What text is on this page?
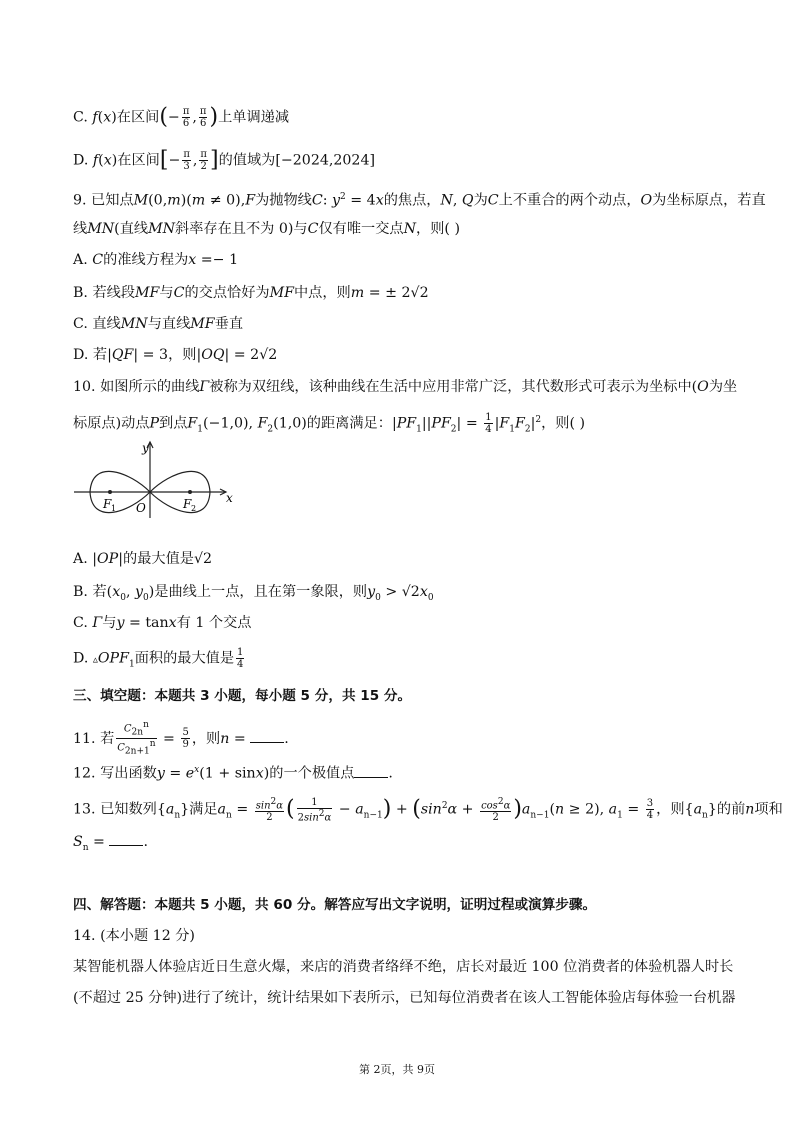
C. f(x)在区间(− $\frac{\pi}{6}$ , $\frac{\pi}{6}$ )上单调递减
D. f(x)在区间[− $\frac{\pi}{3}$ , $\frac{\pi}{2}$ ]的值域为[−2024,2024]
9. 已知点M(0,m)(m ≠ 0),F为抛物线C: $y^2 = 4x$的焦点，N, Q为C上不重合的两个动点，O为坐标原点，若直
线MN(直线MN斜率存在且不为 0)与C仅有唯一交点N，则( )
A. C的准线方程为x =− 1
B. 若线段MF与C的交点恰好为MF中点，则m = ± 2√2
C. 直线MN与直线MF垂直
D. 若|QF| = 3，则|OQ| = 2√2
10. 如图所示的曲线Γ被称为双纽线，该种曲线在生活中应用非常广泛，其代数形式可表示为坐标中(O为坐
标原点)动点P到点$F_1(-1,0)$, $F_2(1,0)$的距离满足：$|PF_1||PF_2| = \frac{1}{4} |F_1F_2|^2$，则( )
y
x
O
F 1	F 2
A. |OP|的最大值是√2
B. 若($x_0$, $y_0$)是曲线上一点，且在第一象限，则$y_0 > √2x_0$
C. Γ与y = tanx有 1 个交点
D. $▵OPF_1$面积的最大值是 $\frac{1}{4}$
三、填空题：本题共 3 小题，每小题 5 分，共 15 分。
11. 若 $\frac{C_{2n}^n}{C_{2n+1}^n} = \frac{5}{9}$ ，则n = .
12. 写出函数$y = e^x(1 + \sin x)$的一个极值点 .
13. 已知数列$\{a_n\}$满足$a_n = \frac{\sin^2\alpha}{2}$ ( $\frac{1}{2\sin^2\alpha} - a_{n-1}) + (\sin^2\alpha + \frac{\cos^2\alpha}{2} )a_{n-1}(n \ge 2)$, $a_1 = \frac{3}{4}$ ，则$\{a_n\}$的前n项和
$S_n$ = .
四、解答题：本题共 5 小题，共 60 分。解答应写出文字说明，证明过程或演算步骤。
14. (本小题 12 分)
某智能机器人体验店近日生意火爆，来店的消费者络绎不绝，店长对最近 100 位消费者的体验机器人时长
(不超过 25 分钟)进行了统计，统计结果如下表所示，已知每位消费者在该人工智能体验店每体验一台机器
第 2页，共 9页
